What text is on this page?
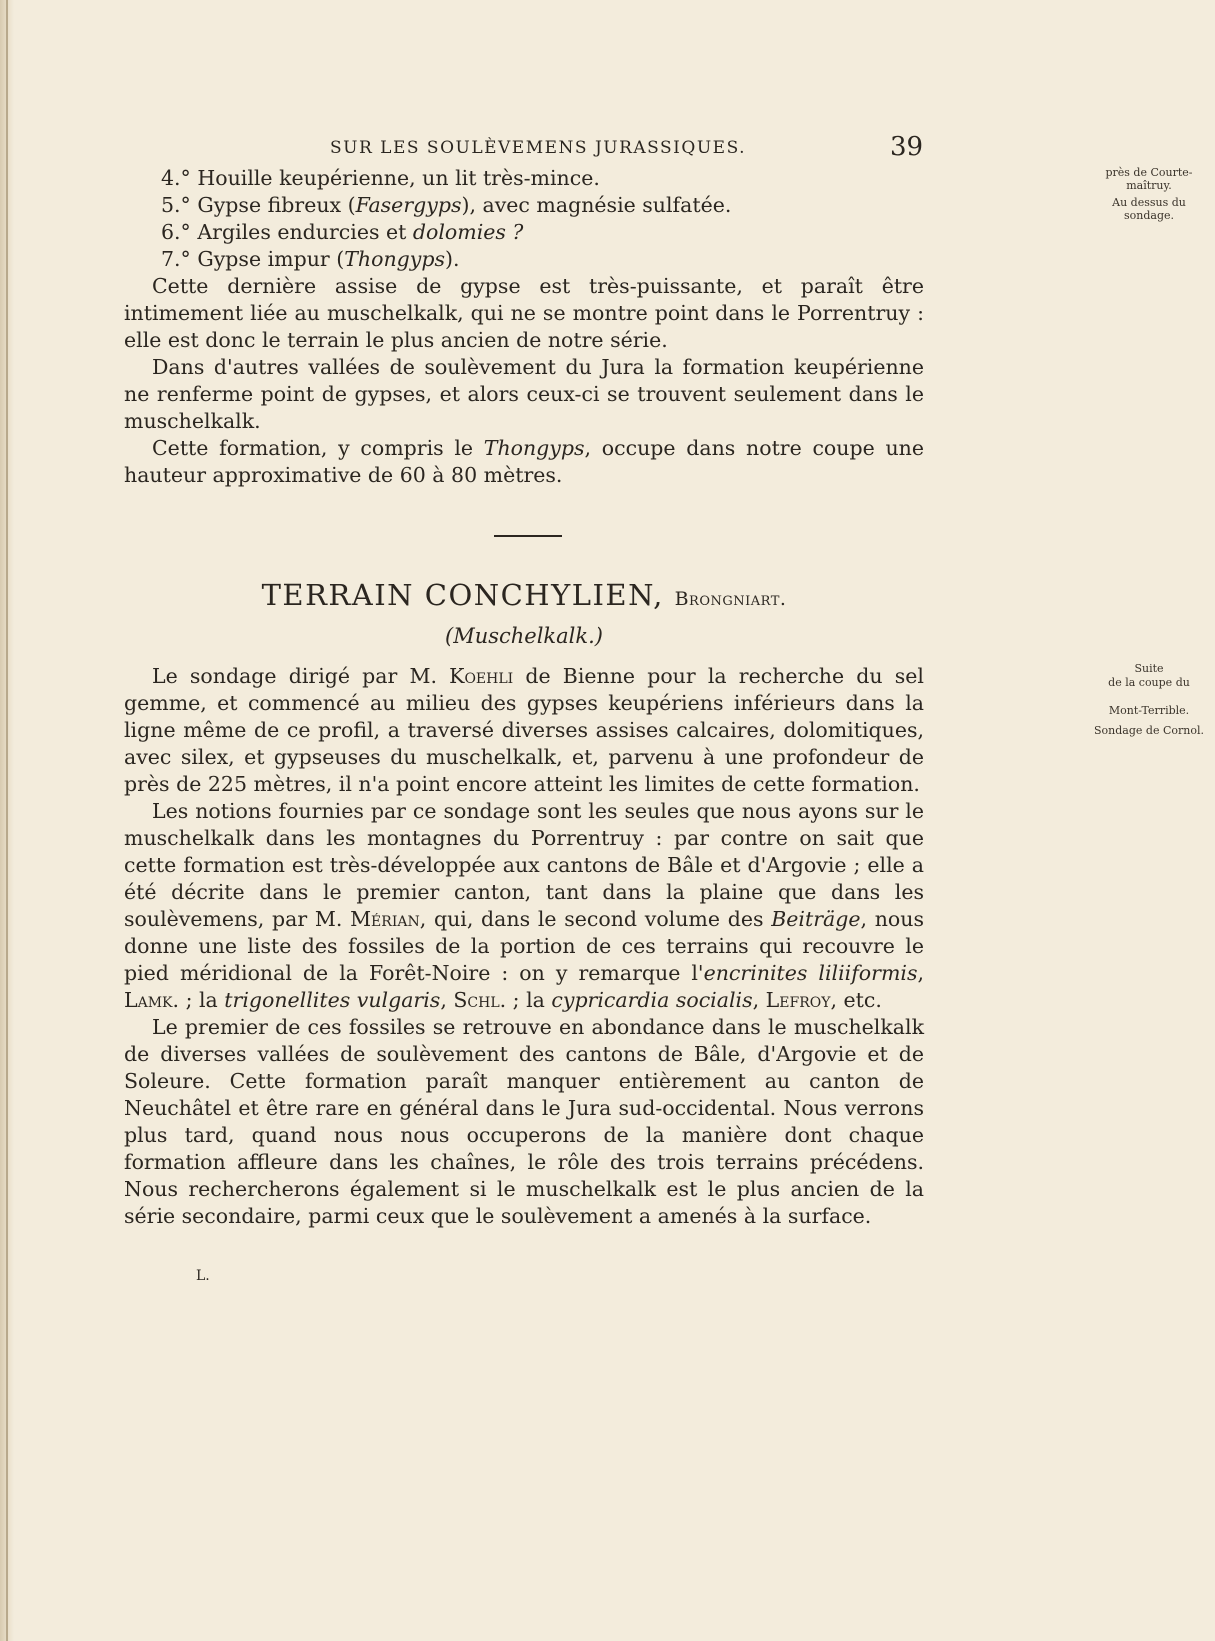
SUR LES SOULÈVEMENS JURASSIQUES.	39
près de Courte-maîtruy.
Au dessus du sondage.

4.° Houille keupérienne, un lit très-mince.

5.° Gypse fibreux (Fasergyps), avec magnésie sulfatée.

6.° Argiles endurcies et dolomies ?

7.° Gypse impur (Thongyps).

Cette dernière assise de gypse est très-puissante, et paraît être intimement liée au muschelkalk, qui ne se montre point dans le Porrentruy : elle est donc le terrain le plus ancien de notre série.

Dans d'autres vallées de soulèvement du Jura la formation keupérienne ne renferme point de gypses, et alors ceux-ci se trouvent seulement dans le muschelkalk.

Cette formation, y compris le Thongyps, occupe dans notre coupe une hauteur approximative de 60 à 80 mètres.

TERRAIN CONCHYLIEN, Brongniart.
(Muschelkalk.)
Suite
de la coupe du
Mont-Terrible.
Sondage de Cornol.

Le sondage dirigé par M. Koehli de Bienne pour la recherche du sel gemme, et commencé au milieu des gypses keupériens inférieurs dans la ligne même de ce profil, a traversé diverses assises calcaires, dolomitiques, avec silex, et gypseuses du muschelkalk, et, parvenu à une profondeur de près de 225 mètres, il n'a point encore atteint les limites de cette formation.

Les notions fournies par ce sondage sont les seules que nous ayons sur le muschelkalk dans les montagnes du Porrentruy : par contre on sait que cette formation est très-développée aux cantons de Bâle et d'Argovie ; elle a été décrite dans le premier canton, tant dans la plaine que dans les soulèvemens, par M. Mérian, qui, dans le second volume des Beiträge, nous donne une liste des fossiles de la portion de ces terrains qui recouvre le pied méridional de la Forêt-Noire : on y remarque l'encrinites liliiformis, Lamk. ; la trigonellites vulgaris, Schl. ; la cypricardia socialis, Lefroy, etc.

Le premier de ces fossiles se retrouve en abondance dans le muschelkalk de diverses vallées de soulèvement des cantons de Bâle, d'Argovie et de Soleure. Cette formation paraît manquer entièrement au canton de Neuchâtel et être rare en général dans le Jura sud-occidental. Nous verrons plus tard, quand nous nous occuperons de la manière dont chaque formation affleure dans les chaînes, le rôle des trois terrains précédens. Nous rechercherons également si le muschelkalk est le plus ancien de la série secondaire, parmi ceux que le soulèvement a amenés à la surface.

L.
